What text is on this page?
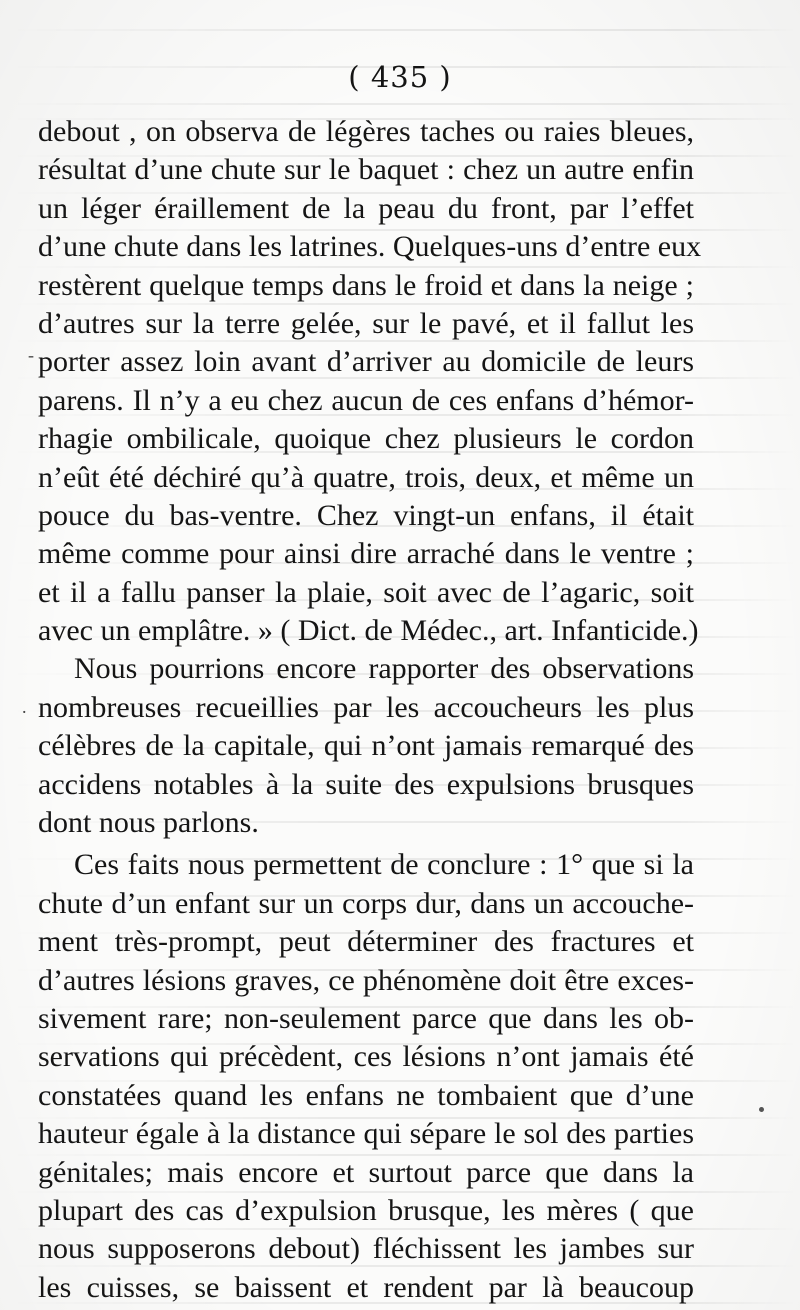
( 435 )
debout , on observa de légères taches ou raies bleues,
résultat d’une chute sur le baquet : chez un autre enfin
un léger éraillement de la peau du front, par l’effet
d’une chute dans les latrines. Quelques-uns d’entre eux
restèrent quelque temps dans le froid et dans la neige ;
d’autres sur la terre gelée, sur le pavé, et il fallut les
porter assez loin avant d’arriver au domicile de leurs
parens. Il n’y a eu chez aucun de ces enfans d’hémor-
rhagie ombilicale, quoique chez plusieurs le cordon
n’eût été déchiré qu’à quatre, trois, deux, et même un
pouce du bas-ventre. Chez vingt-un enfans, il était
même comme pour ainsi dire arraché dans le ventre ;
et il a fallu panser la plaie, soit avec de l’agaric, soit
avec un emplâtre. » ( Dict. de Médec., art. Infanticide.)
Nous pourrions encore rapporter des observations
nombreuses recueillies par les accoucheurs les plus
célèbres de la capitale, qui n’ont jamais remarqué des
accidens notables à la suite des expulsions brusques
dont nous parlons.
Ces faits nous permettent de conclure : 1° que si la
chute d’un enfant sur un corps dur, dans un accouche-
ment très-prompt, peut déterminer des fractures et
d’autres lésions graves, ce phénomène doit être exces-
sivement rare; non-seulement parce que dans les ob-
servations qui précèdent, ces lésions n’ont jamais été
constatées quand les enfans ne tombaient que d’une
hauteur égale à la distance qui sépare le sol des parties
génitales; mais encore et surtout parce que dans la
plupart des cas d’expulsion brusque, les mères ( que
nous supposerons debout) fléchissent les jambes sur
les cuisses, se baissent et rendent par là beaucoup
-
.
